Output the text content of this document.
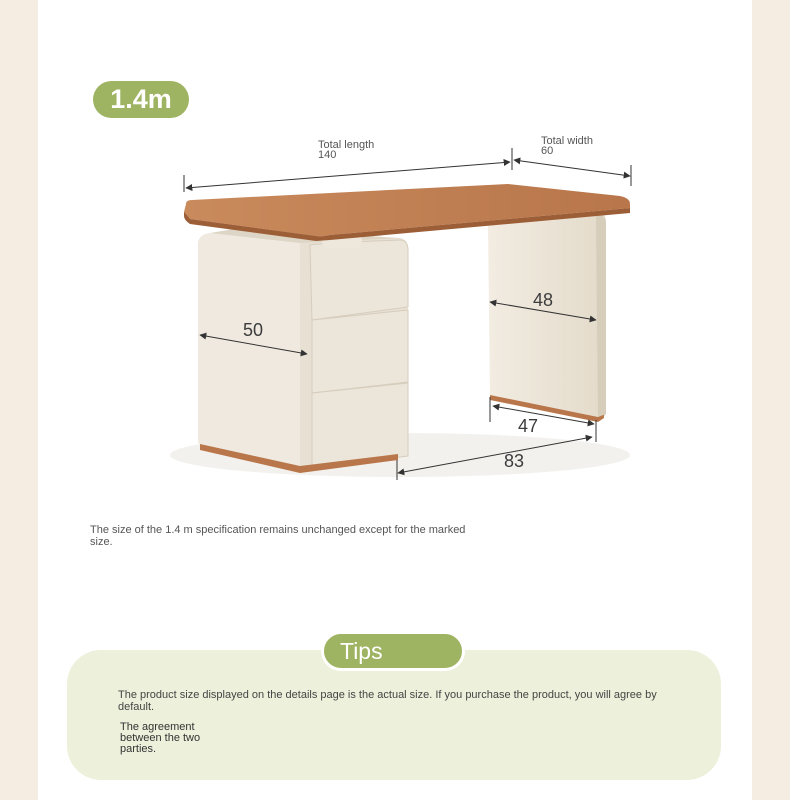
1.4m
Total length
140
Total width
60
50
48
47
83
The size of the 1.4 m specification remains unchanged except for the marked size.
Tips
The product size displayed on the details page is the actual size. If you purchase the product, you will agree by default.
The agreement between the two parties.
